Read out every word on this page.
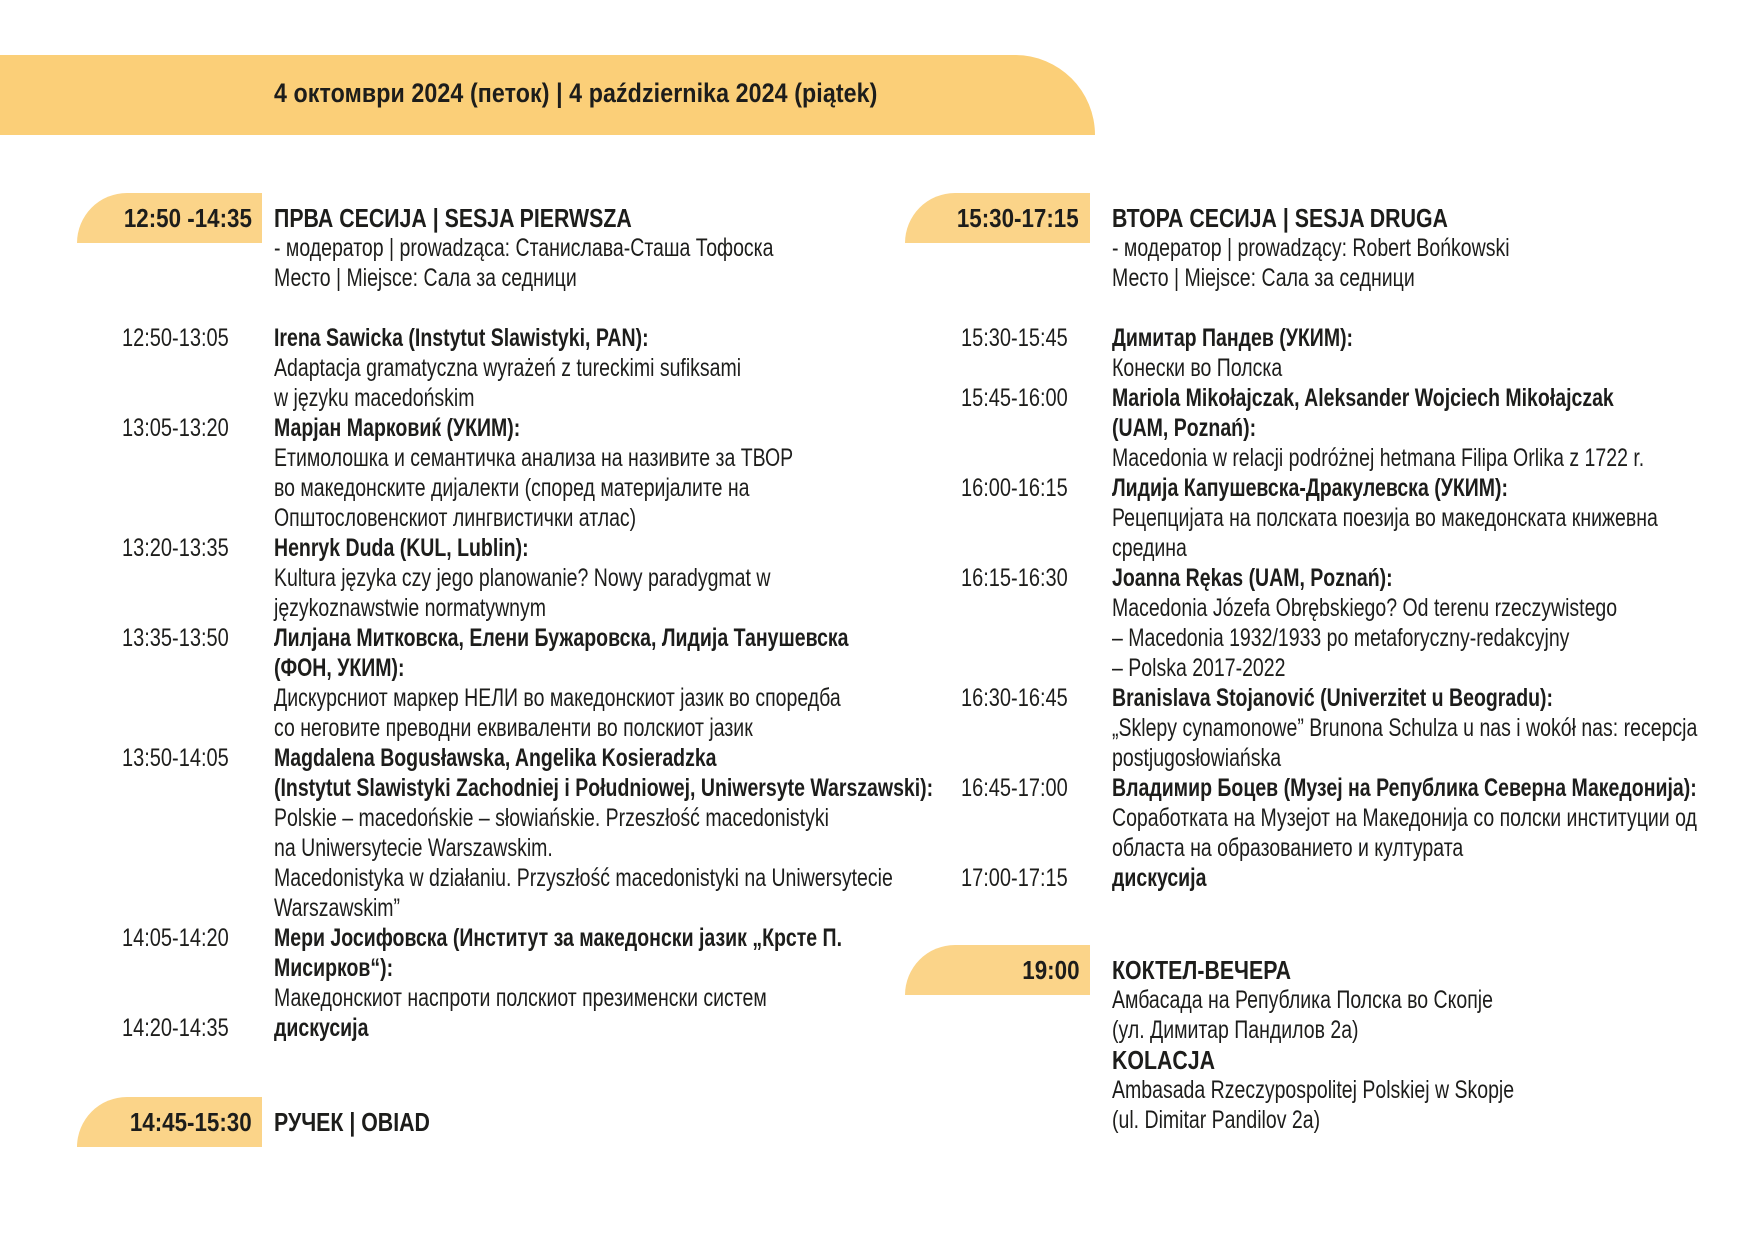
4 октомври 2024 (петок) | 4 października 2024 (piątek)
12:50 -14:35 ПРВА СЕСИЈА | SESJA PIERWSZA
- модератор | prowadząca: Станислава-Сташа Тофоска
Место | Miejsce: Сала за седници
12:50-13:05 Irena Sawicka (Instytut Slawistyki, PAN):
Adaptacja gramatyczna wyrażeń z tureckimi sufiksami
w języku macedońskim
13:05-13:20 Марјан Марковиќ (УКИМ):
Етимолошка и семантичка анализа на називите за ТВОР
во македонските дијалекти (според материјалите на
Општословенскиот лингвистички атлас)
13:20-13:35 Henryk Duda (KUL, Lublin):
Kultura języka czy jego planowanie? Nowy paradygmat w
językoznawstwie normatywnym
13:35-13:50 Лилјана Митковска, Елени Бужаровска, Лидија Танушевска
(ФОН, УКИМ):
Дискурсниот маркер НЕЛИ во македонскиот јазик во споредба
со неговите преводни еквиваленти во полскиот јазик
13:50-14:05 Magdalena Bogusławska, Angelika Kosieradzka
(Instytut Slawistyki Zachodniej i Południowej, Uniwersyte Warszawski):
Polskie – macedońskie – słowiańskie. Przeszłość macedonistyki
na Uniwersytecie Warszawskim.
Macedonistyka w działaniu. Przyszłość macedonistyki na Uniwersytecie
Warszawskim”
14:05-14:20 Мери Јосифовска (Институт за македонски јазик „Крсте П.
Мисирков“):
Македонскиот наспроти полскиот презименски систем
14:20-14:35 дискусија
14:45-15:30 РУЧЕК | OBIAD
15:30-17:15 ВТОРА СЕСИЈА | SESJA DRUGA
- модератор | prowadzący: Robert Bońkowski
Место | Miejsce: Сала за седници
15:30-15:45 Димитар Пандев (УКИМ):
Конески во Полска
15:45-16:00 Mariola Mikołajczak, Aleksander Wojciech Mikołajczak
(UAM, Poznań):
Macedonia w relacji podróżnej hetmana Filipa Orlika z 1722 r.
16:00-16:15 Лидија Капушевска-Дракулевска (УКИМ):
Рецепцијата на полската поезија во македонската книжевна
средина
16:15-16:30 Joanna Rękas (UAM, Poznań):
Macedonia Józefa Obrębskiego? Od terenu rzeczywistego
– Macedonia 1932/1933 po metaforyczny-redakcyjny
– Polska 2017-2022
16:30-16:45 Branislava Stojanović (Univerzitet u Beogradu):
„Sklepy cynamonowe” Brunona Schulza u nas i wokół nas: recepcja
postjugosłowiańska
16:45-17:00 Владимир Боцев (Музеј на Република Северна Македонија):
Соработката на Музејот на Македонија со полски институции од
областа на образованието и културата
17:00-17:15 дискусија
19:00 КОКТЕЛ-ВЕЧЕРА
Амбасада на Република Полска во Скопје
(ул. Димитар Пандилов 2а)
KOLACJA
Ambasada Rzeczypospolitej Polskiej w Skopje
(ul. Dimitar Pandilov 2a)
